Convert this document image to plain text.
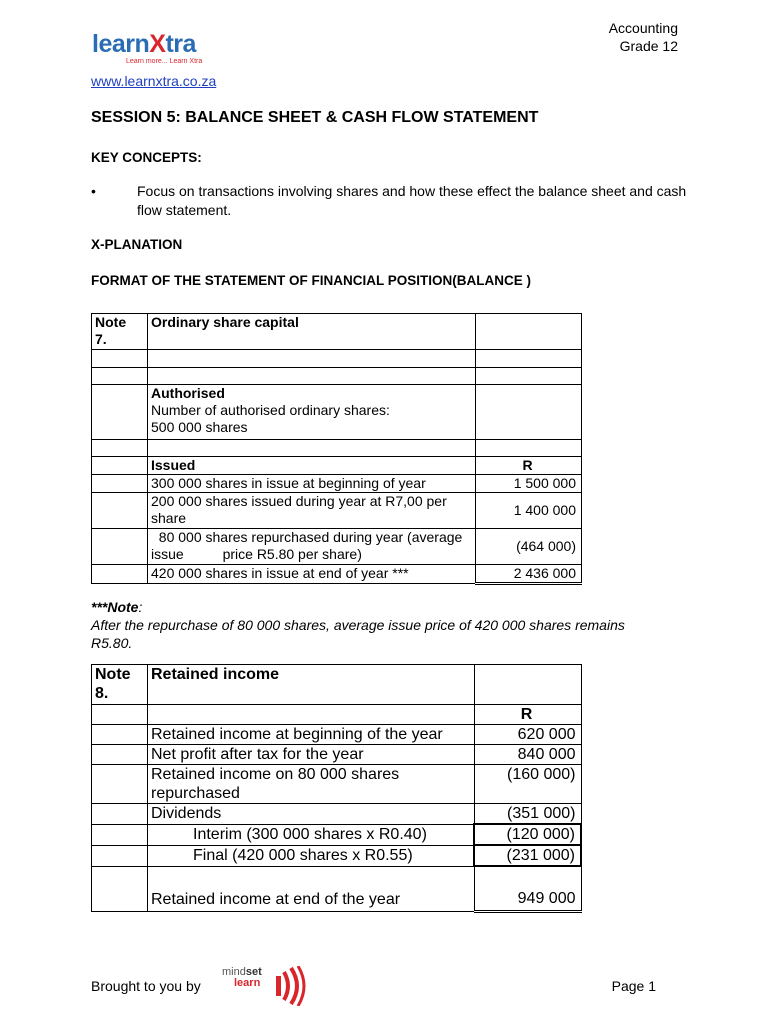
learnXtra
Learn more... Learn Xtra
Accounting
Grade 12
www.learnxtra.co.za
SESSION 5: BALANCE SHEET & CASH FLOW STATEMENT
KEY CONCEPTS:
•	Focus on transactions involving shares and how these effect the balance sheet and cash flow statement.
X-PLANATION
FORMAT OF THE STATEMENT OF FINANCIAL POSITION(BALANCE )
Note
7.	Ordinary share capital	

	Authorised
Number of authorised ordinary shares:
500 000 shares	

	Issued	R
	300 000 shares in issue at beginning of year	1 500 000
	200 000 shares issued during year at R7,00 per share	1 400 000
	80 000 shares repurchased during year (average issue          price R5.80 per share)	(464 000)
	420 000 shares in issue at end of year ***	2 436 000
***Note:
After the repurchase of 80 000 shares, average issue price of 420 000 shares remains R5.80.
Note
8.	Retained income	
		R
	Retained income at beginning of the year	620 000
	Net profit after tax for the year	840 000
	Retained income on 80 000 shares repurchased	(160 000)
	Dividends	(351 000)
	Interim (300 000 shares x R0.40)	(120 000)
	Final (420 000 shares x R0.55)	(231 000)
	Retained income at end of the year	949 000
Brought to you by
mindset
learn	Page 1
